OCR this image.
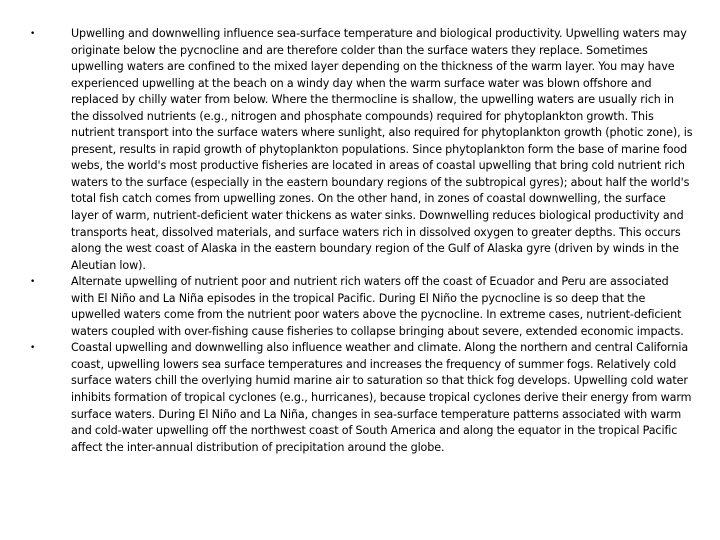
•	Upwelling and downwelling influence sea-surface temperature and biological productivity. Upwelling waters may originate below the pycnocline and are therefore colder than the surface waters they replace. Sometimes upwelling waters are confined to the mixed layer depending on the thickness of the warm layer. You may have experienced upwelling at the beach on a windy day when the warm surface water was blown offshore and replaced by chilly water from below. Where the thermocline is shallow, the upwelling waters are usually rich in the dissolved nutrients (e.g., nitrogen and phosphate compounds) required for phytoplankton growth. This nutrient transport into the surface waters where sunlight, also required for phytoplankton growth (photic zone), is present, results in rapid growth of phytoplankton populations. Since phytoplankton form the base of marine food webs, the world's most productive fisheries are located in areas of coastal upwelling that bring cold nutrient rich waters to the surface (especially in the eastern boundary regions of the subtropical gyres); about half the world's total fish catch comes from upwelling zones. On the other hand, in zones of coastal downwelling, the surface layer of warm, nutrient-deficient water thickens as water sinks. Downwelling reduces biological productivity and transports heat, dissolved materials, and surface waters rich in dissolved oxygen to greater depths. This occurs along the west coast of Alaska in the eastern boundary region of the Gulf of Alaska gyre (driven by winds in the Aleutian low).
•	Alternate upwelling of nutrient poor and nutrient rich waters off the coast of Ecuador and Peru are associated with El Niño and La Niña episodes in the tropical Pacific. During El Niño the pycnocline is so deep that the upwelled waters come from the nutrient poor waters above the pycnocline. In extreme cases, nutrient-deficient waters coupled with over-fishing cause fisheries to collapse bringing about severe, extended economic impacts.
•	Coastal upwelling and downwelling also influence weather and climate. Along the northern and central California coast, upwelling lowers sea surface temperatures and increases the frequency of summer fogs. Relatively cold surface waters chill the overlying humid marine air to saturation so that thick fog develops. Upwelling cold water inhibits formation of tropical cyclones (e.g., hurricanes), because tropical cyclones derive their energy from warm surface waters. During El Niño and La Niña, changes in sea-surface temperature patterns associated with warm and cold-water upwelling off the northwest coast of South America and along the equator in the tropical Pacific affect the inter-annual distribution of precipitation around the globe.
